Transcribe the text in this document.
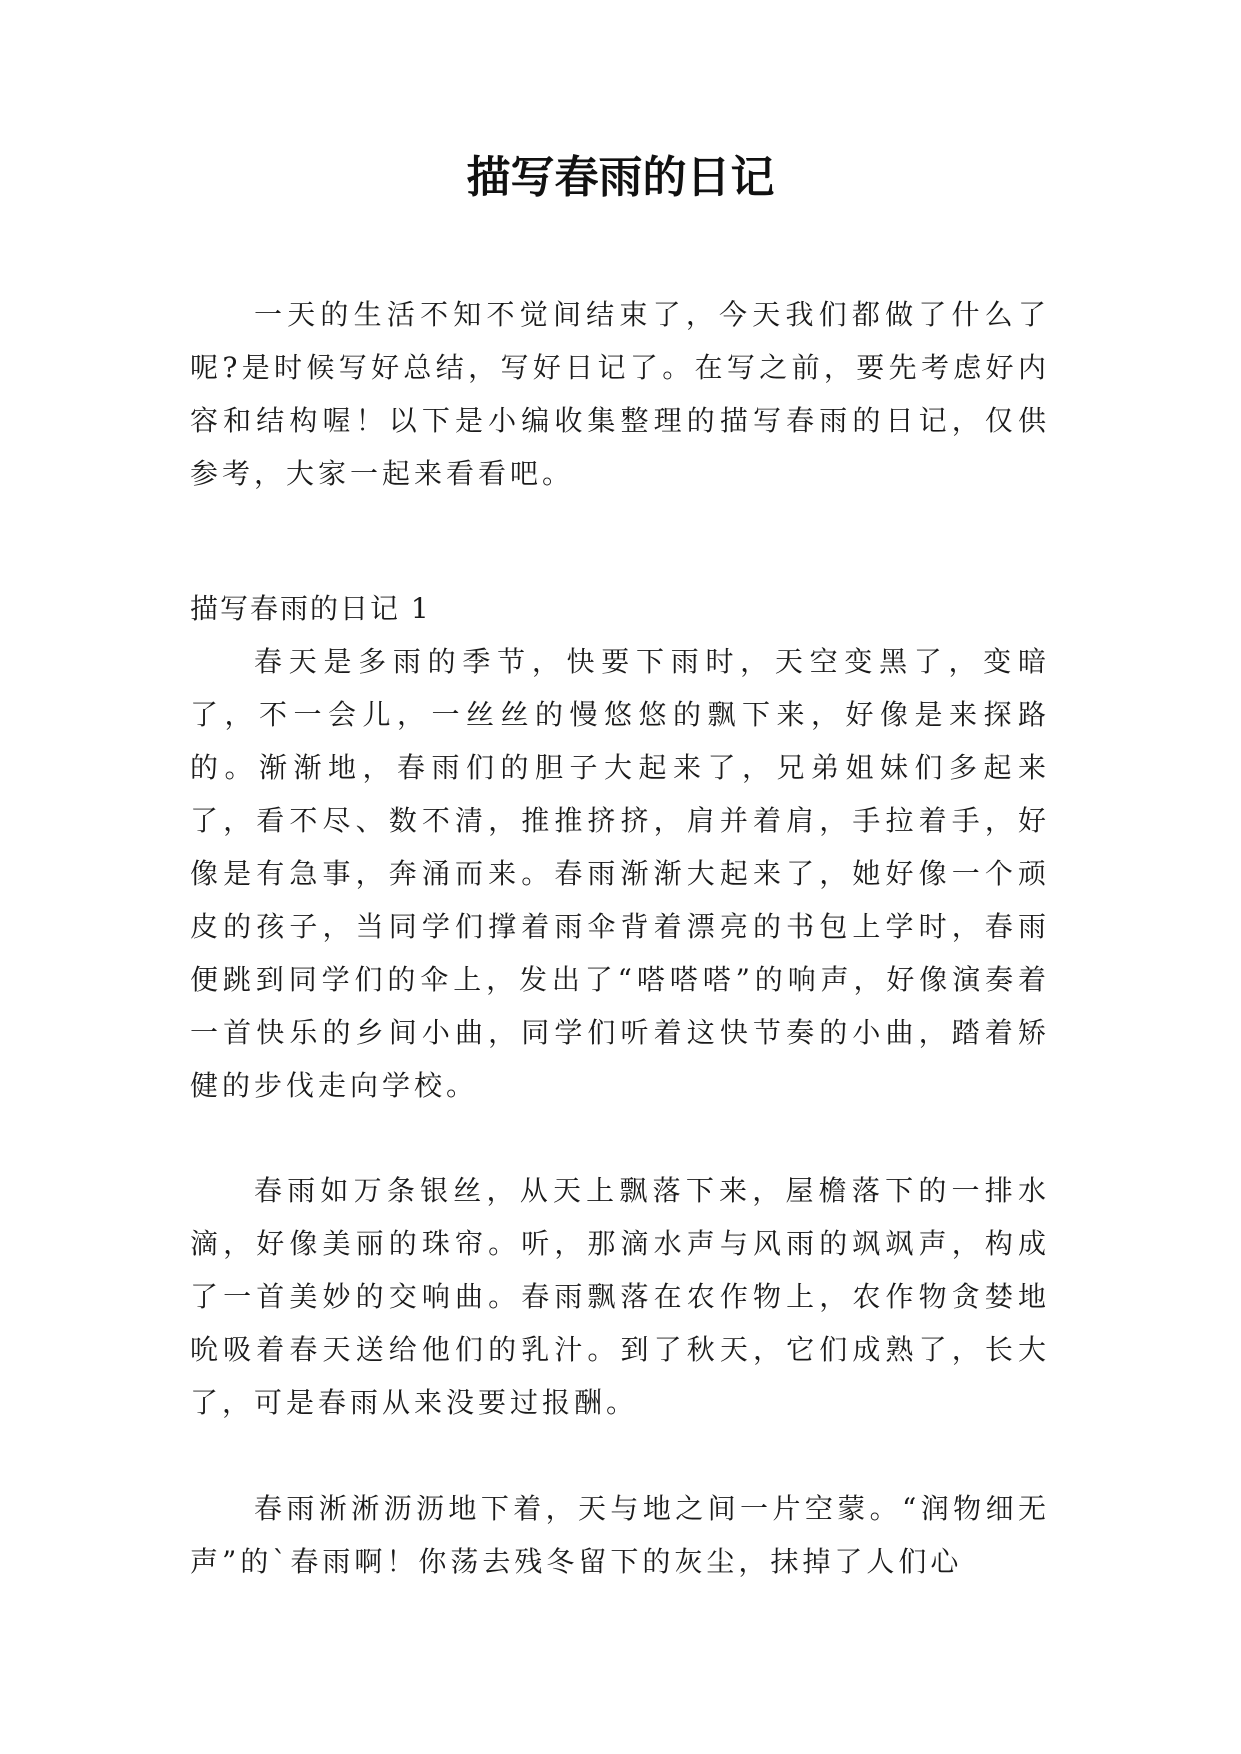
描写春雨的日记

一天的生活不知不觉间结束了，今天我们都做了什么了呢?是时候写好总结，写好日记了。在写之前，要先考虑好内容和结构喔！以下是小编收集整理的描写春雨的日记，仅供参考，大家一起来看看吧。

描写春雨的日记 1

春天是多雨的季节，快要下雨时，天空变黑了，变暗了，不一会儿，一丝丝的慢悠悠的飘下来，好像是来探路的。渐渐地，春雨们的胆子大起来了，兄弟姐妹们多起来了，看不尽、数不清，推推挤挤，肩并着肩，手拉着手，好像是有急事，奔涌而来。春雨渐渐大起来了，她好像一个顽皮的孩子，当同学们撑着雨伞背着漂亮的书包上学时，春雨便跳到同学们的伞上，发出了“嗒嗒嗒”的响声，好像演奏着一首快乐的乡间小曲，同学们听着这快节奏的小曲，踏着矫健的步伐走向学校。

春雨如万条银丝，从天上飘落下来，屋檐落下的一排水滴，好像美丽的珠帘。听，那滴水声与风雨的飒飒声，构成了一首美妙的交响曲。春雨飘落在农作物上，农作物贪婪地吮吸着春天送给他们的乳汁。到了秋天，它们成熟了，长大了，可是春雨从来没要过报酬。

春雨淅淅沥沥地下着，天与地之间一片空蒙。“润物细无声”的`春雨啊！你荡去残冬留下的灰尘，抹掉了人们心
